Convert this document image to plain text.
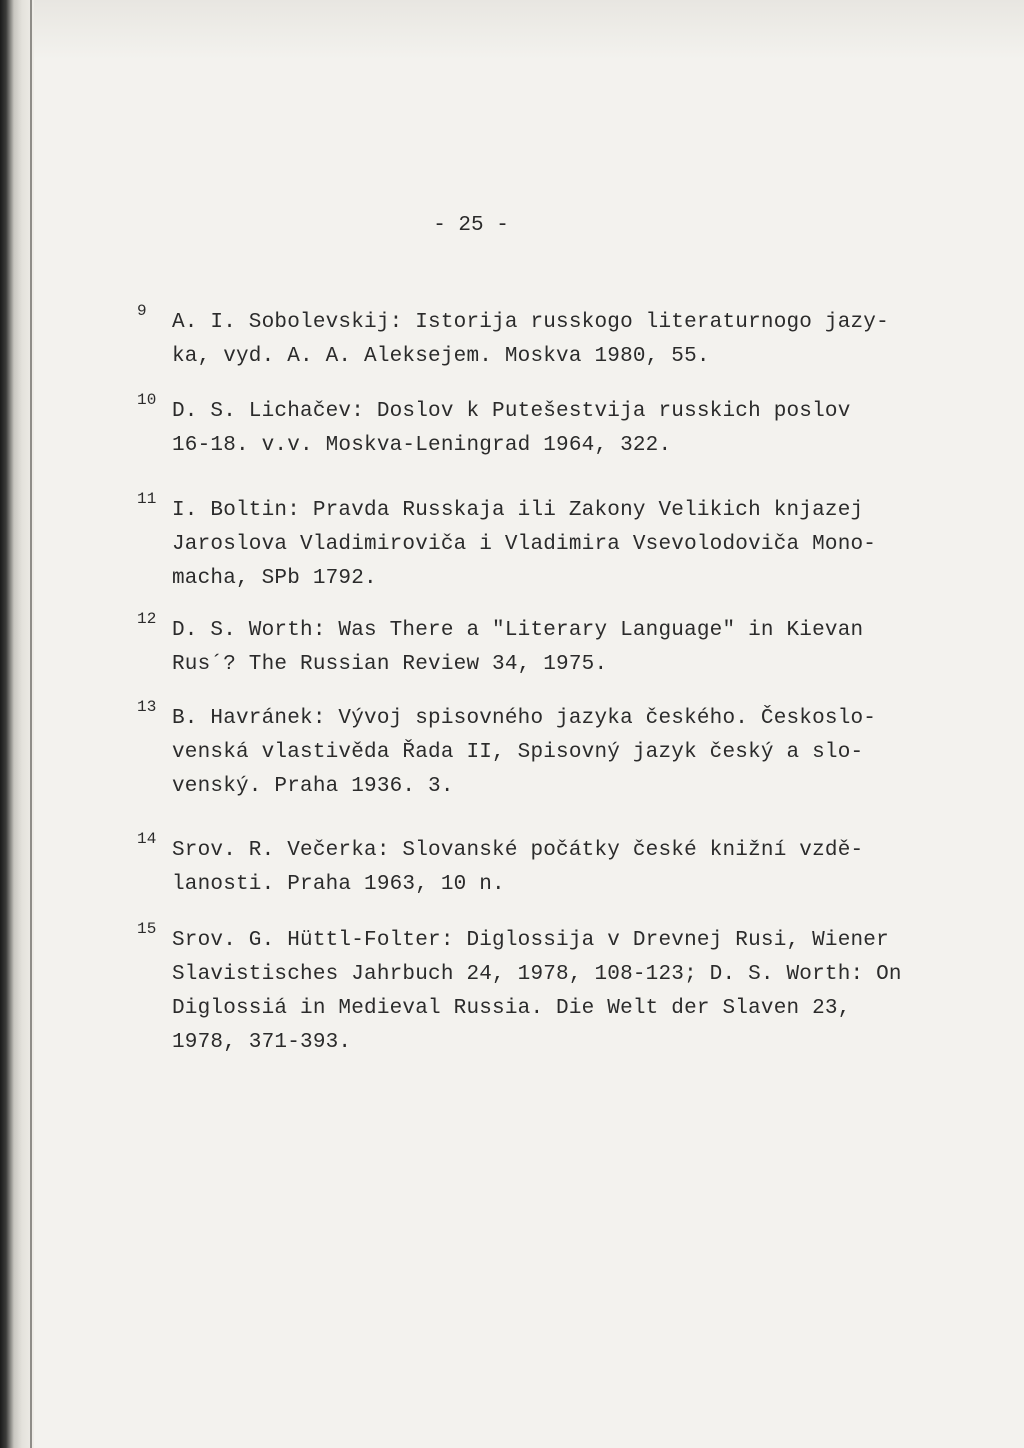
- 25 -

9 A. I. Sobolevskij: Istorija russkogo literaturnogo jazy-
ka, vyd. A. A. Aleksejem. Moskva 1980, 55.
10 D. S. Lichačev: Doslov k Putešestvija russkich poslov
16-18. v.v. Moskva-Leningrad 1964, 322.
11 I. Boltin: Pravda Russkaja ili Zakony Velikich knjazej
Jaroslova Vladimiroviča i Vladimira Vsevolodoviča Mono-
macha, SPb 1792.
12 D. S. Worth: Was There a "Literary Language" in Kievan
Rus´? The Russian Review 34, 1975.
13 B. Havránek: Vývoj spisovného jazyka českého. Českoslo-
venská vlastivěda Řada II, Spisovný jazyk český a slo-
venský. Praha 1936. 3.
14 Srov. R. Večerka: Slovanské počátky české knižní vzdě-
lanosti. Praha 1963, 10 n.
15 Srov. G. Hüttl-Folter: Diglossija v Drevnej Rusi, Wiener
Slavistisches Jahrbuch 24, 1978, 108-123; D. S. Worth: On
Diglossiá in Medieval Russia. Die Welt der Slaven 23,
1978, 371-393.
